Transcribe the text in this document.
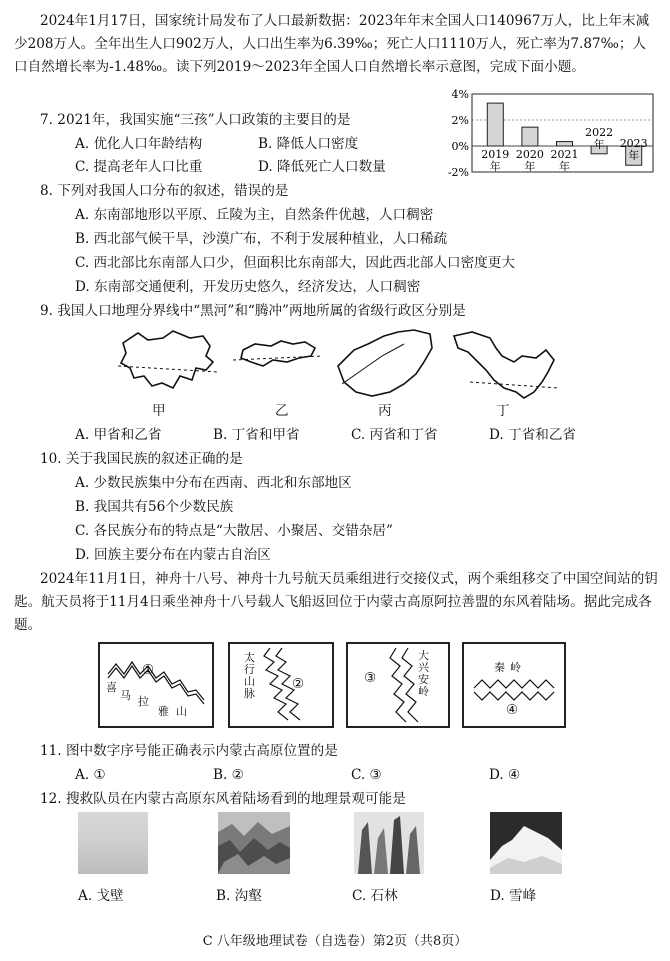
2024年1月17日，国家统计局发布了人口最新数据：2023年年末全国人口140967万人，比上年末减少208万人。全年出生人口902万人，人口出生率为6.39‰；死亡人口1110万人，死亡率为7.87‰；人口自然增长率为-1.48‰。读下列2019～2023年全国人口自然增长率示意图，完成下面小题。
4%
2%
0%
-2%
2019
年
2020
年
2021
年
2022
年 2023
年
7. 2021年，我国实施“三孩”人口政策的主要目的是
A. 优化人口年龄结构	B. 降低人口密度
C. 提高老年人口比重	D. 降低死亡人口数量
8. 下列对我国人口分布的叙述，错误的是
A. 东南部地形以平原、丘陵为主，自然条件优越，人口稠密
B. 西北部气候干旱，沙漠广布，不利于发展种植业，人口稀疏
C. 西北部比东南部人口少，但面积比东南部大，因此西北部人口密度更大
D. 东南部交通便利，开发历史悠久，经济发达，人口稠密
9. 我国人口地理分界线中“黑河”和“腾冲”两地所属的省级行政区分别是
甲	乙	丙	丁
A. 甲省和乙省	B. 丁省和甲省	C. 丙省和丁省	D. 丁省和乙省
10. 关于我国民族的叙述正确的是
A. 少数民族集中分布在西南、西北和东部地区
B. 我国共有56个少数民族
C. 各民族分布的特点是“大散居、小聚居、交错杂居”
D. 回族主要分布在内蒙古自治区
2024年11月1日，神舟十八号、神舟十九号航天员乘组进行交接仪式，两个乘组移交了中国空间站的钥匙。航天员将于11月4日乘坐神舟十八号载人飞船返回位于内蒙古高原阿拉善盟的东风着陆场。据此完成各题。
①
喜
马 拉
雅 山
太
行
山
脉
②	③
大
兴
安
岭
秦 岭
④
11. 图中数字序号能正确表示内蒙古高原位置的是
A. ①	B. ②	C. ③	D. ④
12. 搜救队员在内蒙古高原东风着陆场看到的地理景观可能是
A. 戈壁	B. 沟壑	C. 石林	D. 雪峰
C 八年级地理试卷（自选卷）第2页（共8页）
